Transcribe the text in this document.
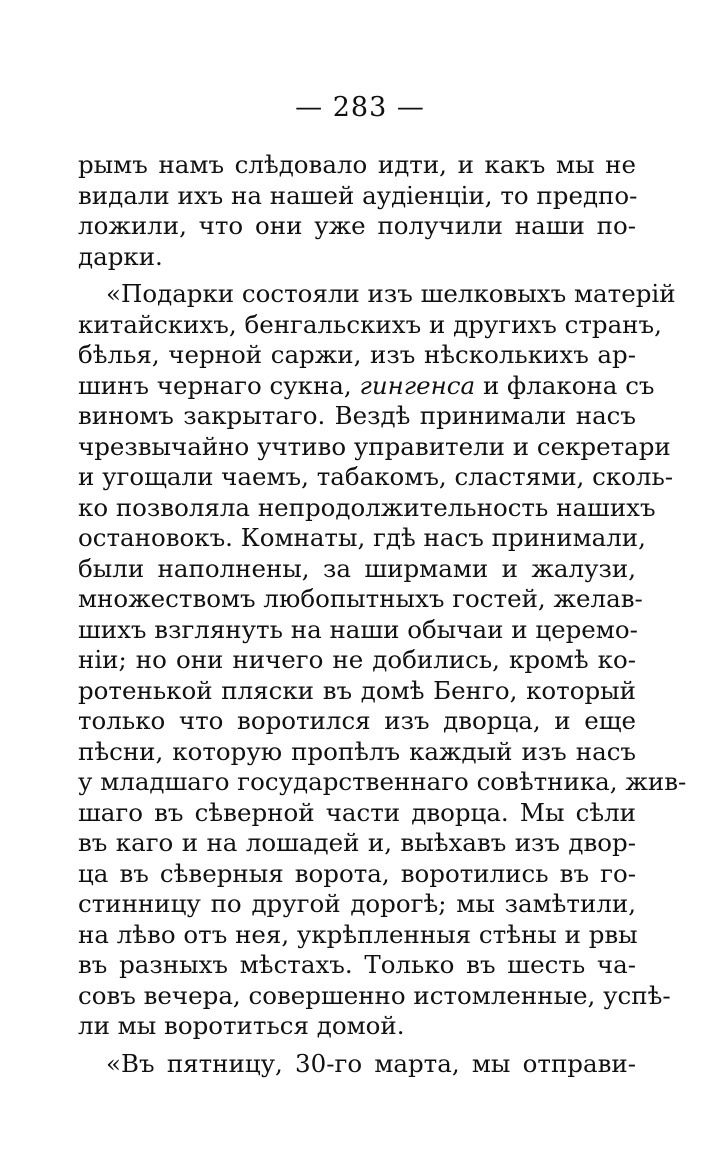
— 283 —
рымъ намъ слѣдовало идти, и какъ мы не
видали ихъ на нашей аудіенціи, то предпо-
ложили, что они уже получили наши по-
дарки.
«Подарки состояли изъ шелковыхъ матерій
китайскихъ, бенгальскихъ и другихъ странъ,
бѣлья, черной саржи, изъ нѣсколькихъ ар-
шинъ чернаго сукна, гингенса и флакона съ
виномъ закрытаго. Вездѣ принимали насъ
чрезвычайно учтиво управители и секретари
и угощали чаемъ, табакомъ, сластями, сколь-
ко позволяла непродолжительность нашихъ
остановокъ. Комнаты, гдѣ насъ принимали,
были наполнены, за ширмами и жалузи,
множествомъ любопытныхъ гостей, желав-
шихъ взглянуть на наши обычаи и церемо-
ніи; но они ничего не добились, кромѣ ко-
ротенькой пляски въ домѣ Бенго, который
только что воротился изъ дворца, и еще
пѣсни, которую пропѣлъ каждый изъ насъ
у младшаго государственнаго совѣтника, жив-
шаго въ сѣверной части дворца. Мы сѣли
въ каго и на лошадей и, выѣхавъ изъ двор-
ца въ сѣверныя ворота, воротились въ го-
стинницу по другой дорогѣ; мы замѣтили,
на лѣво отъ нея, укрѣпленныя стѣны и рвы
въ разныхъ мѣстахъ. Только въ шесть ча-
совъ вечера, совершенно истомленные, успѣ-
ли мы воротиться домой.
«Въ пятницу, 30-го марта, мы отправи-
